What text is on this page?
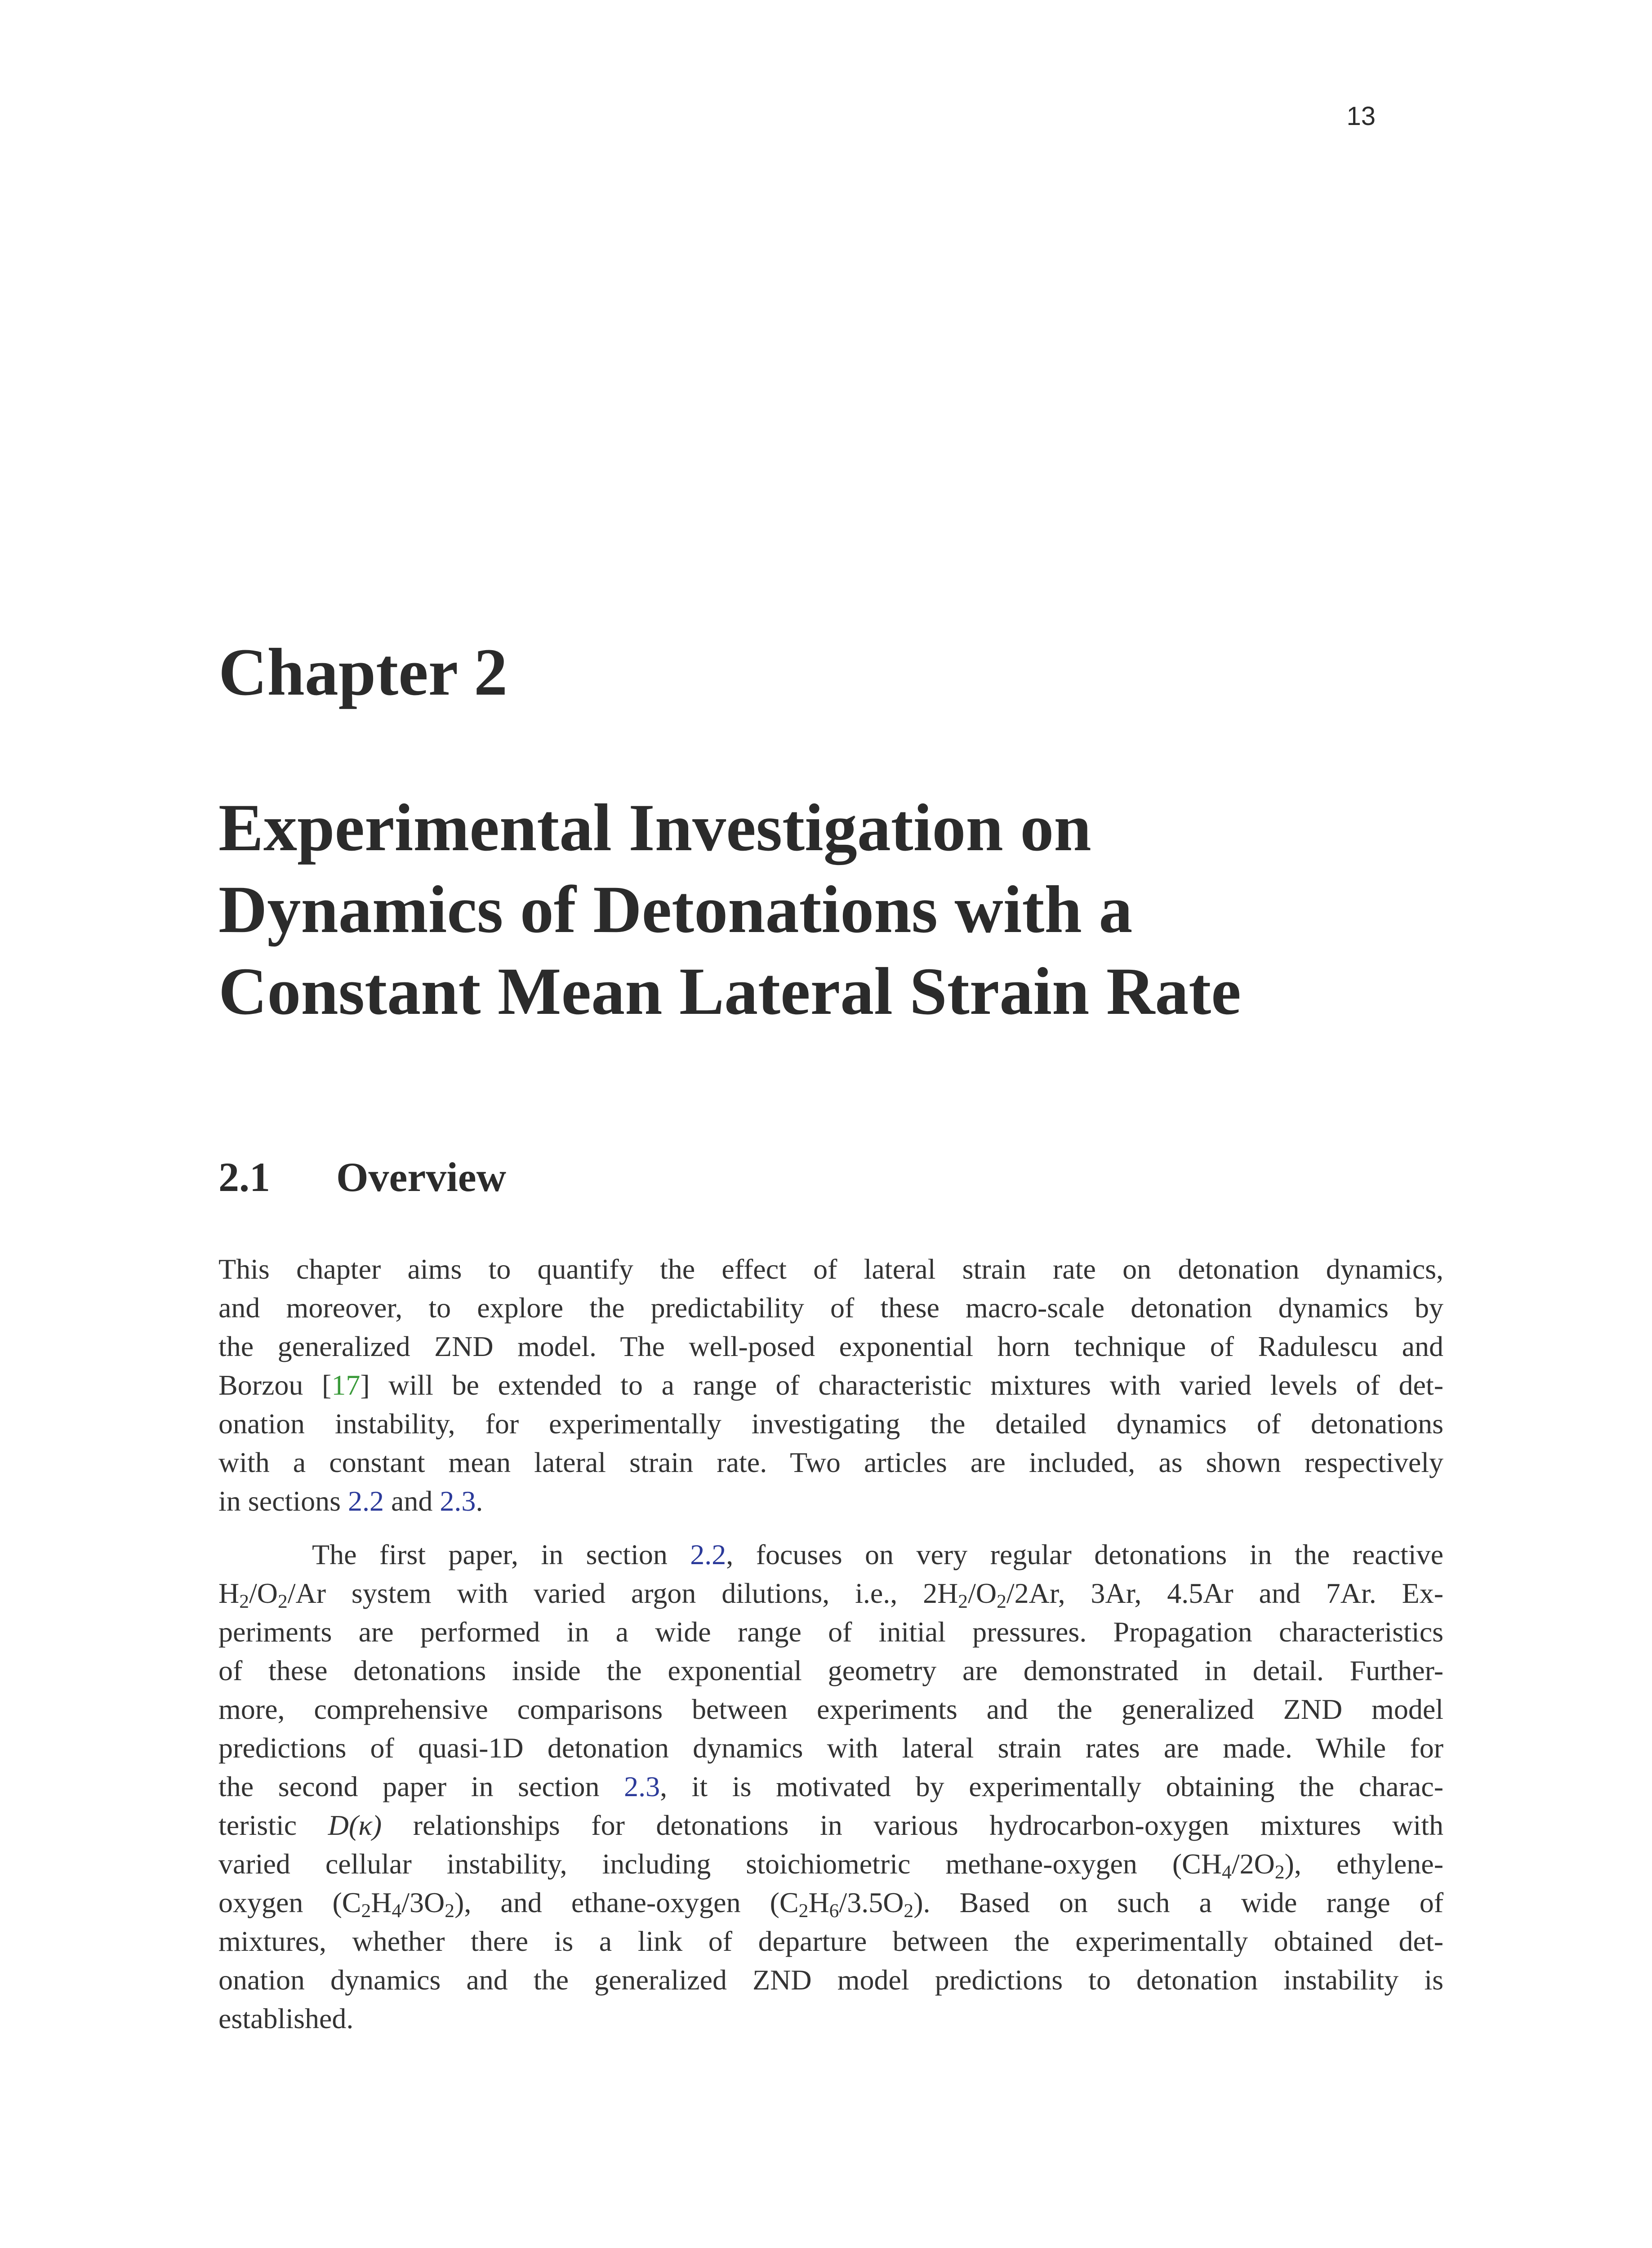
13
Chapter 2
Experimental Investigation on
Dynamics of Detonations with a
Constant Mean Lateral Strain Rate
2.1 Overview

This chapter aims to quantify the effect of lateral strain rate on detonation dynamics,
and moreover, to explore the predictability of these macro-scale detonation dynamics by
the generalized ZND model. The well-posed exponential horn technique of Radulescu and
Borzou [17] will be extended to a range of characteristic mixtures with varied levels of det-
onation instability, for experimentally investigating the detailed dynamics of detonations
with a constant mean lateral strain rate. Two articles are included, as shown respectively
in sections 2.2 and 2.3.

The first paper, in section 2.2, focuses on very regular detonations in the reactive
$H_2/O_2/Ar$ system with varied argon dilutions, i.e., $2H_2/O_2/2Ar$, 3Ar, 4.5Ar and 7Ar. Ex-
periments are performed in a wide range of initial pressures. Propagation characteristics
of these detonations inside the exponential geometry are demonstrated in detail. Further-
more, comprehensive comparisons between experiments and the generalized ZND model
predictions of quasi-1D detonation dynamics with lateral strain rates are made. While for
the second paper in section 2.3, it is motivated by experimentally obtaining the charac-
teristic D(κ) relationships for detonations in various hydrocarbon-oxygen mixtures with
varied cellular instability, including stoichiometric methane-oxygen $(CH_4/2O_2)$, ethylene-
oxygen $(C_2H_4/3O_2)$, and ethane-oxygen $(C_2H_6/3.5O_2)$. Based on such a wide range of
mixtures, whether there is a link of departure between the experimentally obtained det-
onation dynamics and the generalized ZND model predictions to detonation instability is
established.
